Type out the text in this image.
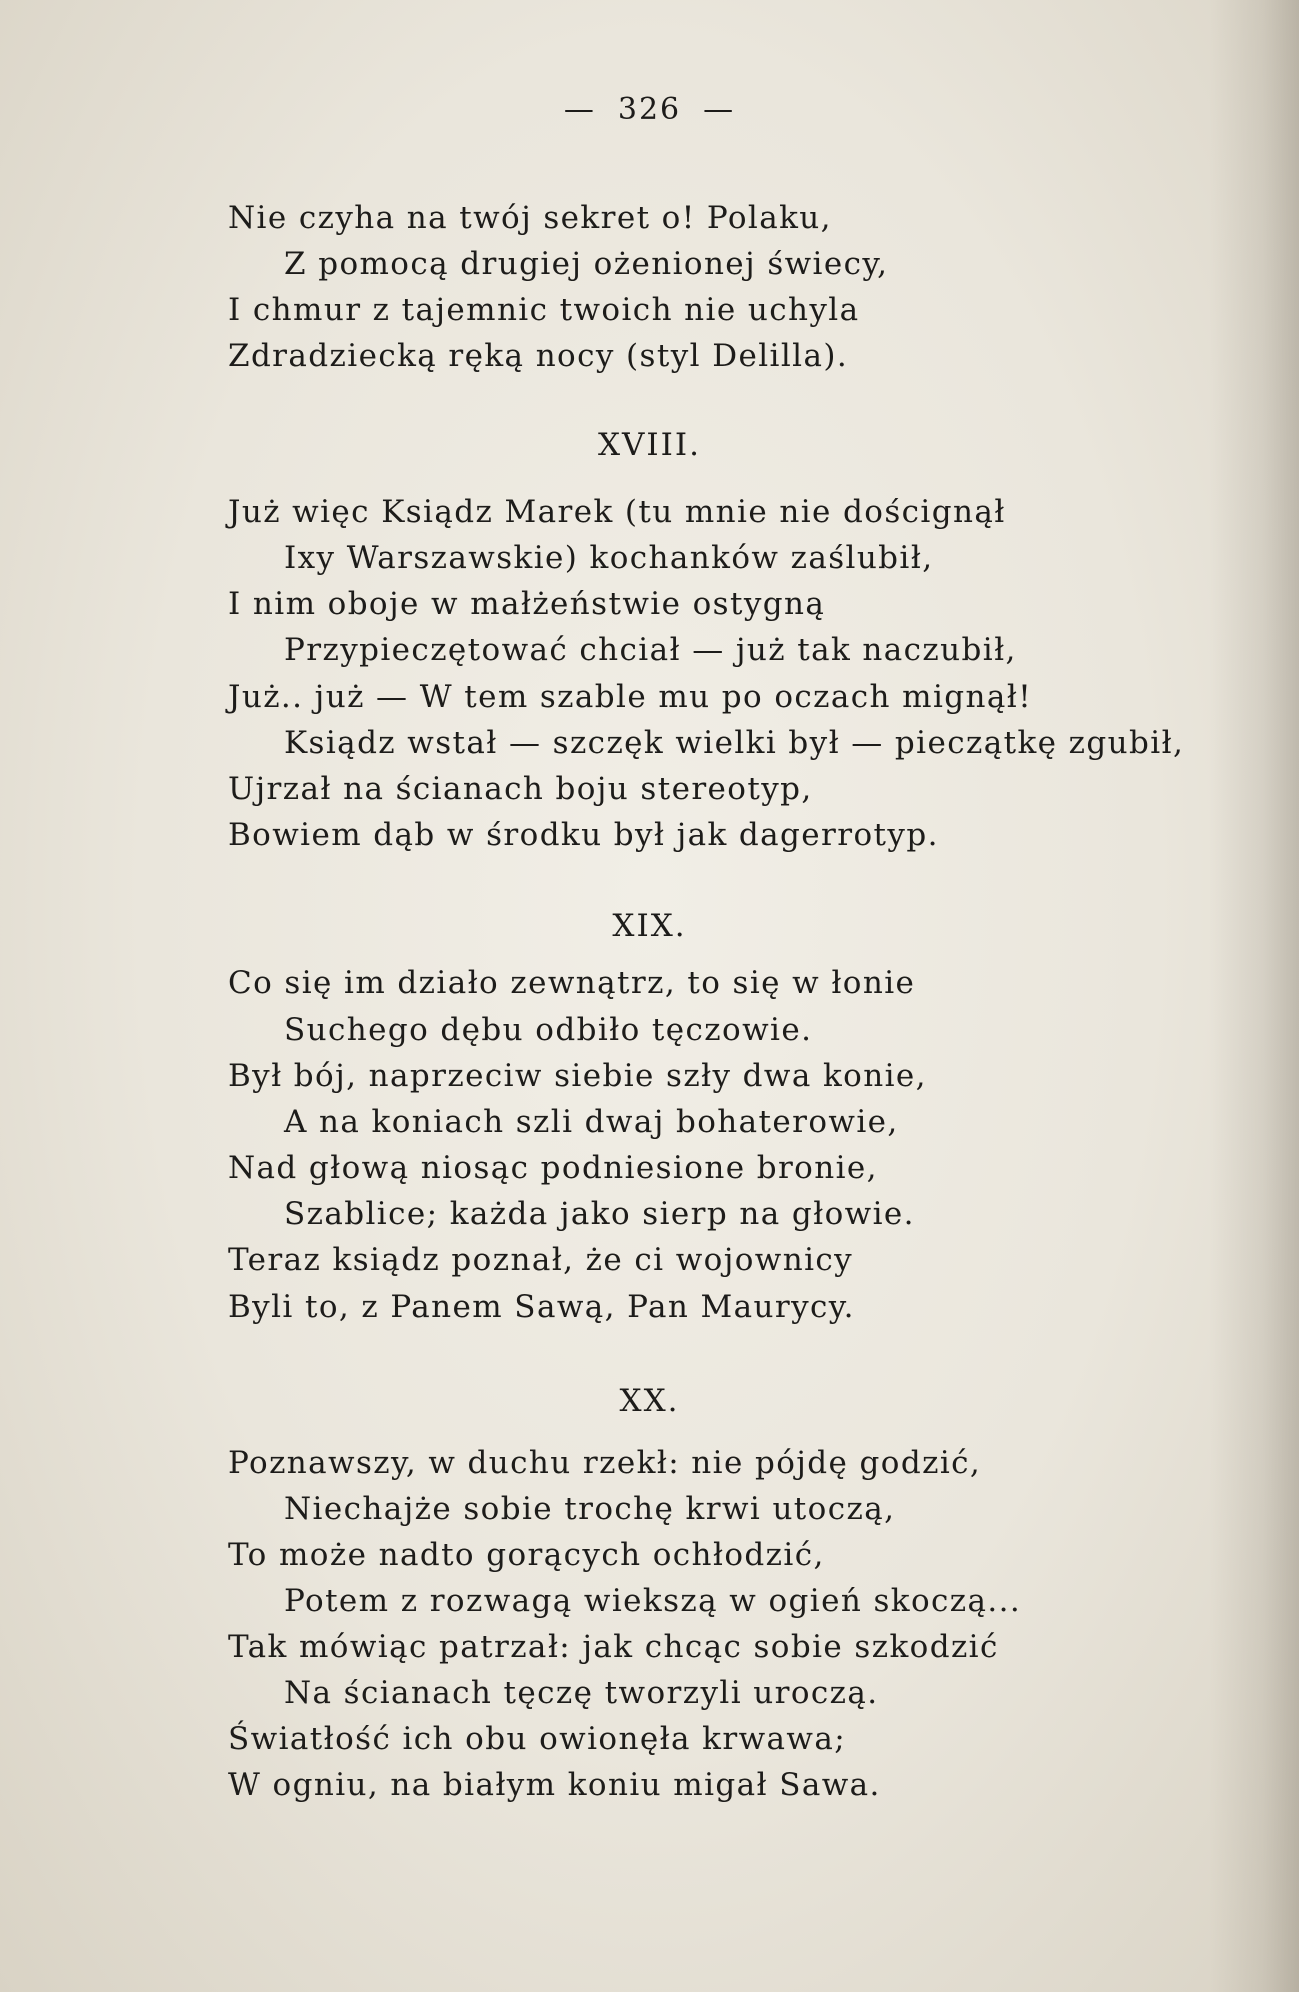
— 326 —
Nie czyha na twój sekret o! Polaku,
Z pomocą drugiej ożenionej świecy,
I chmur z tajemnic twoich nie uchyla
Zdradziecką ręką nocy (styl Delilla).
XVIII.
Już więc Ksiądz Marek (tu mnie nie doścignął
Ixy Warszawskie) kochanków zaślubił,
I nim oboje w małżeństwie ostygną
Przypieczętować chciał — już tak naczubił,
Już.. już — W tem szable mu po oczach mignął!
Ksiądz wstał — szczęk wielki był — pieczątkę zgubił,
Ujrzał na ścianach boju stereotyp,
Bowiem dąb w środku był jak dagerrotyp.
XIX.
Co się im działo zewnątrz, to się w łonie
Suchego dębu odbiło tęczowie.
Był bój, naprzeciw siebie szły dwa konie,
A na koniach szli dwaj bohaterowie,
Nad głową niosąc podniesione bronie,
Szablice; każda jako sierp na głowie.
Teraz ksiądz poznał, że ci wojownicy
Byli to, z Panem Sawą, Pan Maurycy.
XX.
Poznawszy, w duchu rzekł: nie pójdę godzić,
Niechajże sobie trochę krwi utoczą,
To może nadto gorących ochłodzić,
Potem z rozwagą wiekszą w ogień skoczą...
Tak mówiąc patrzał: jak chcąc sobie szkodzić
Na ścianach tęczę tworzyli uroczą.
Światłość ich obu owionęła krwawa;
W ogniu, na białym koniu migał Sawa.
